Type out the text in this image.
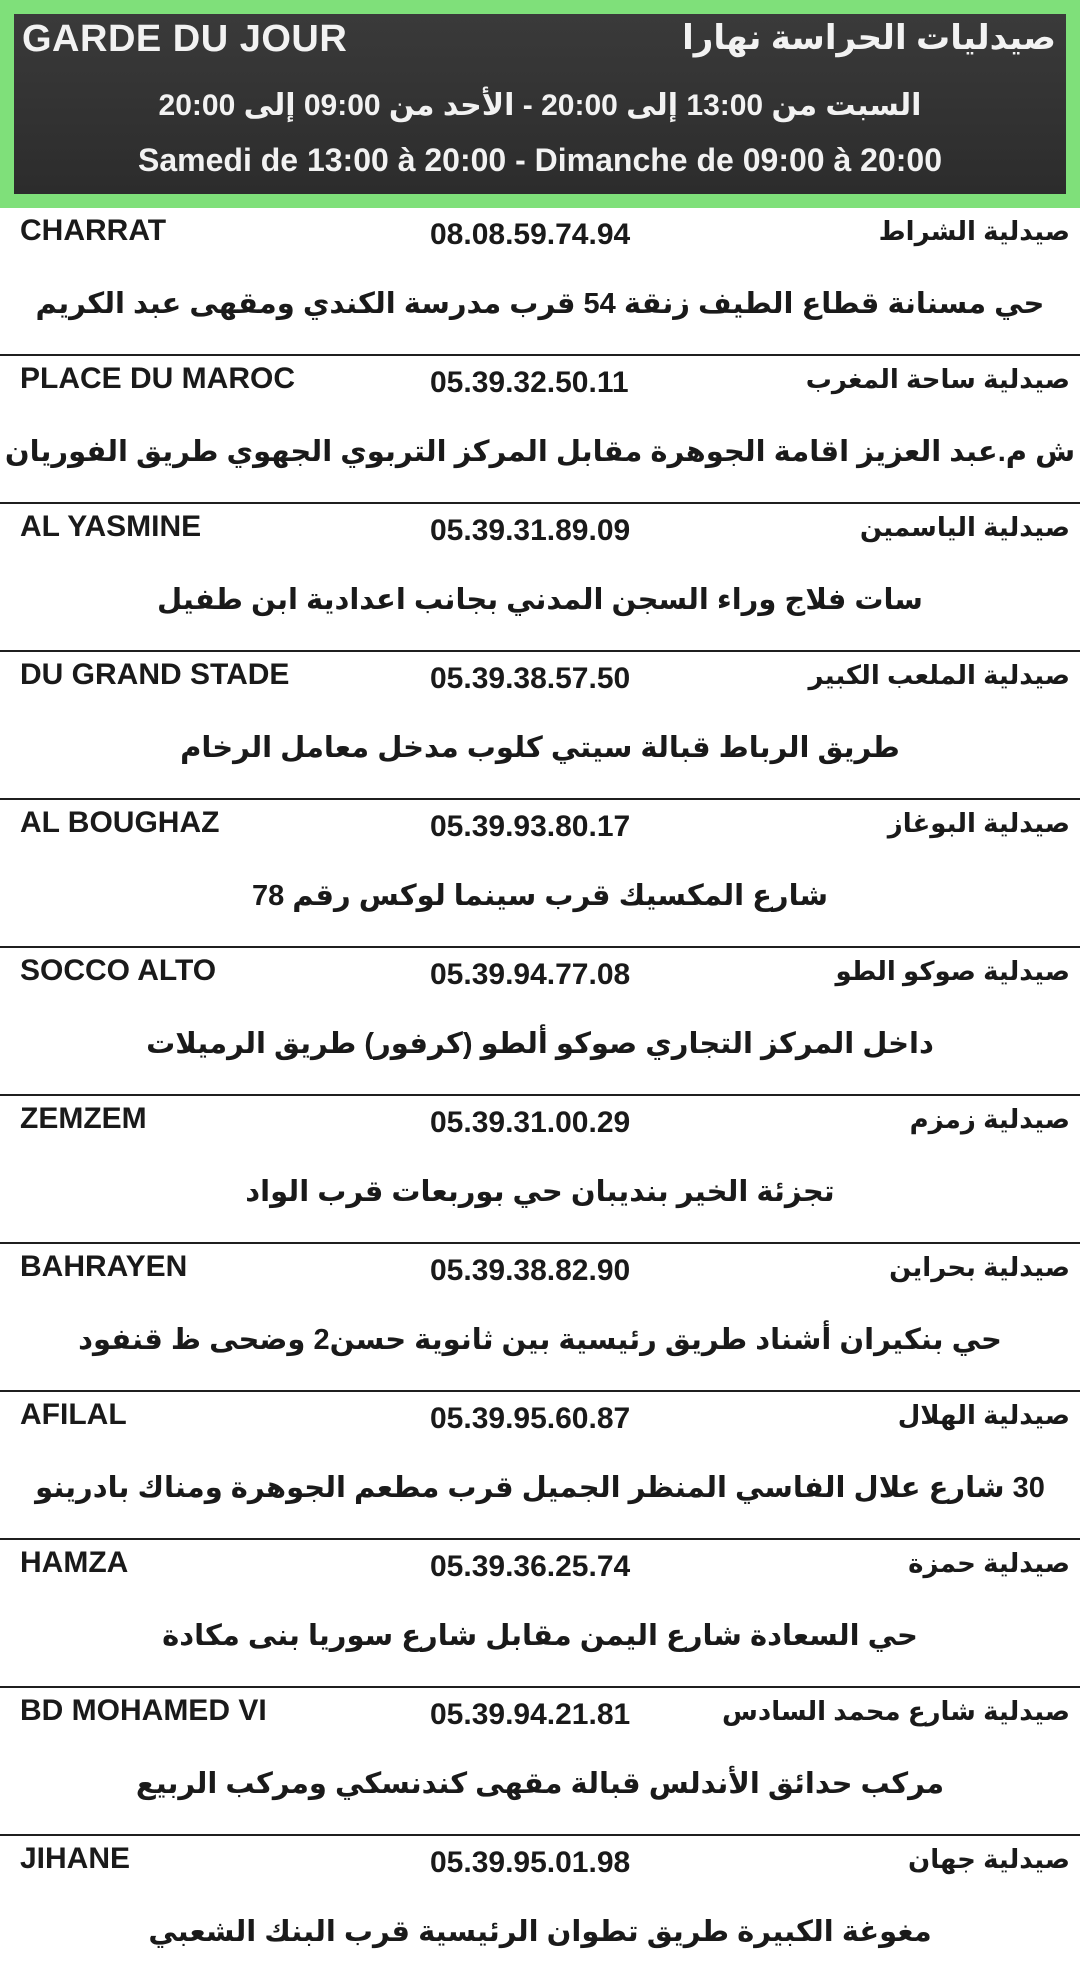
GARDE DU JOUR	صيدليات الحراسة نهارا
السبت من 13:00 إلى 20:00 - الأحد من 09:00 إلى 20:00
Samedi de 13:00 à 20:00 - Dimanche de 09:00 à 20:00
CHARRAT	08.08.59.74.94	صيدلية الشراط
حي مسنانة قطاع الطيف زنقة 54 قرب مدرسة الكندي ومقهى عبد الكريم
PLACE DU MAROC	05.39.32.50.11	صيدلية ساحة المغرب
ش م.عبد العزيز اقامة الجوهرة مقابل المركز التربوي الجهوي طريق الفوريان
AL YASMINE	05.39.31.89.09	صيدلية الياسمين
سات فلاج وراء السجن المدني بجانب اعدادية ابن طفيل
DU GRAND STADE	05.39.38.57.50	صيدلية الملعب الكبير
طريق الرباط قبالة سيتي كلوب مدخل معامل الرخام
AL BOUGHAZ	05.39.93.80.17	صيدلية البوغاز
شارع المكسيك قرب سينما لوكس رقم 78
SOCCO ALTO	05.39.94.77.08	صيدلية صوكو الطو
داخل المركز التجاري صوكو ألطو (كرفور) طريق الرميلات
ZEMZEM	05.39.31.00.29	صيدلية زمزم
تجزئة الخير بنديبان حي بوربعات قرب الواد
BAHRAYEN	05.39.38.82.90	صيدلية بحراين
حي بنكيران أشناد طريق رئيسية بين ثانوية حسن2 وضحى ظ قنفود
AFILAL	05.39.95.60.87	صيدلية الهلال
30 شارع علال الفاسي المنظر الجميل قرب مطعم الجوهرة ومناك بادرينو
HAMZA	05.39.36.25.74	صيدلية حمزة
حي السعادة شارع اليمن مقابل شارع سوريا بنى مكادة
BD MOHAMED VI	05.39.94.21.81	صيدلية شارع محمد السادس
مركب حدائق الأندلس قبالة مقهى كندنسكي ومركب الربيع
JIHANE	05.39.95.01.98	صيدلية جهان
مغوغة الكبيرة طريق تطوان الرئيسية قرب البنك الشعبي
